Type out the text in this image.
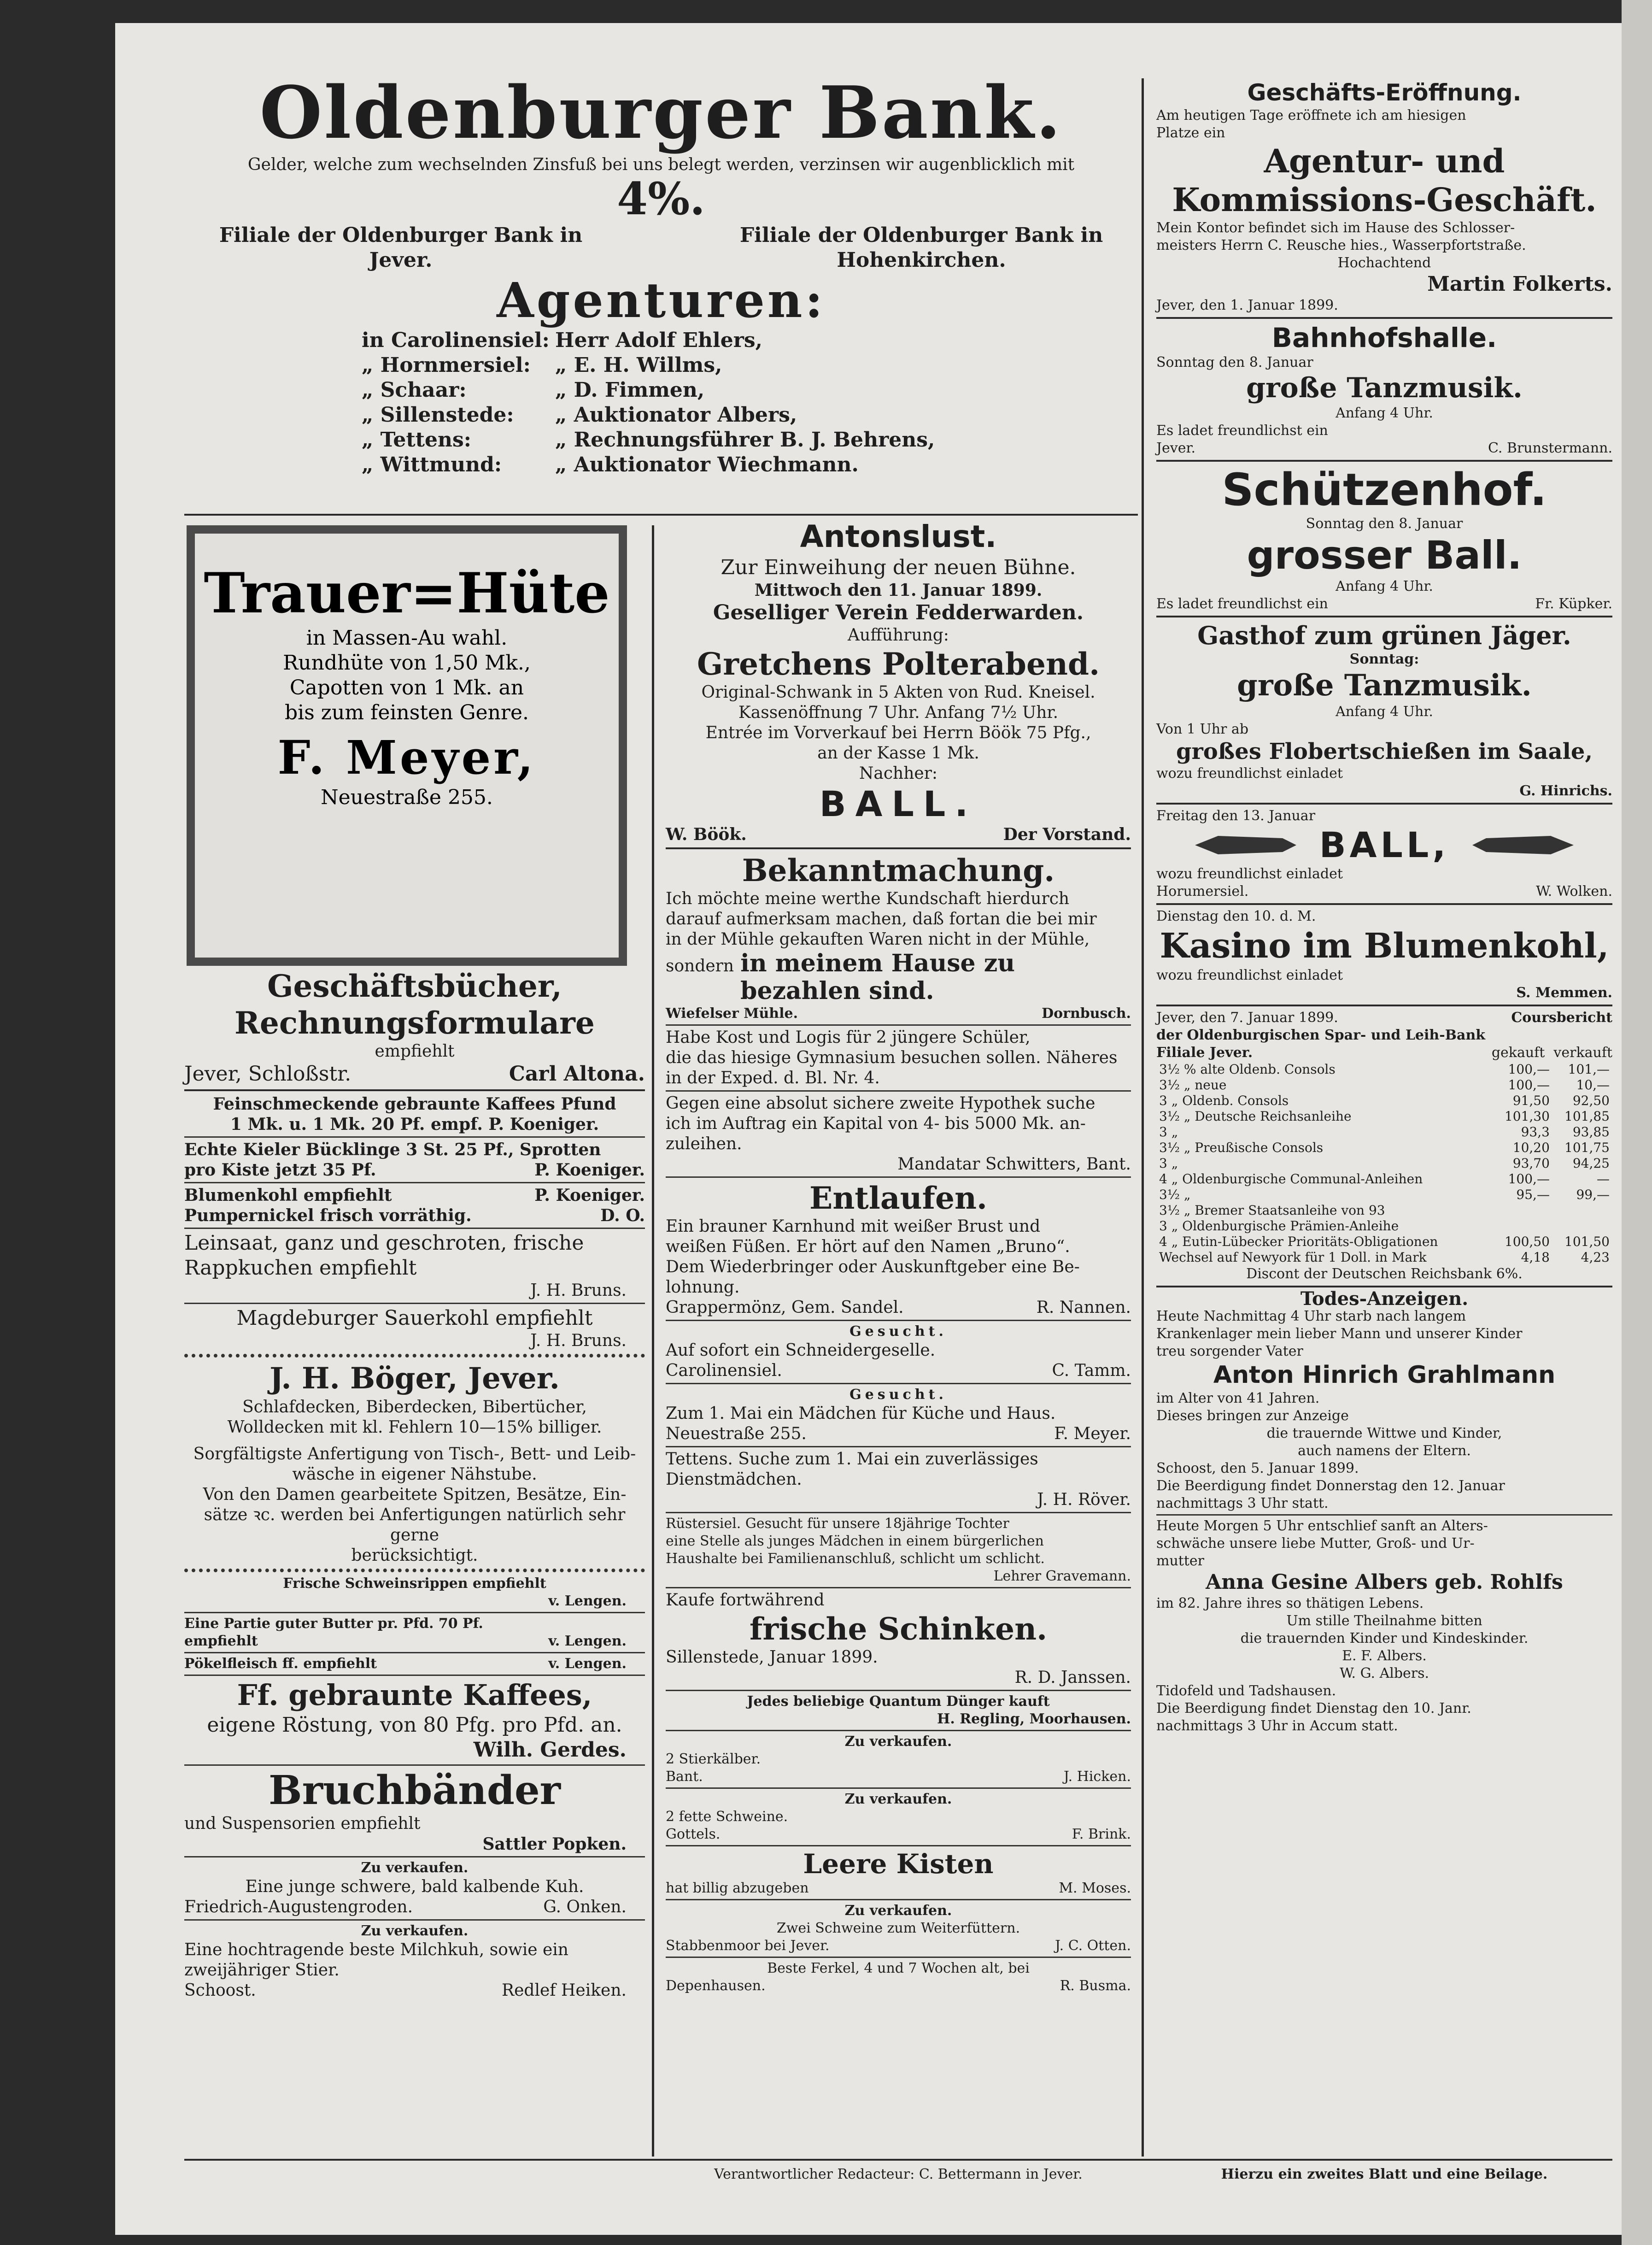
Oldenburger Bank.
Gelder, welche zum wechselnden Zinsfuß bei uns belegt werden, verzinsen wir augenblicklich mit
4%.
Filiale der Oldenburger Bank in Jever.
Filiale der Oldenburger Bank in Hohenkirchen.
Agenturen:
in Carolinensiel: Herr Adolf Ehlers,
„ Hornmersiel:	„ E. H. Willms,
„ Schaar:	„ D. Fimmen,
„ Sillenstede:	„ Auktionator Albers,
„ Tettens:	„ Rechnungsführer B. J. Behrens,
„ Wittmund:	„ Auktionator Wiechmann.
Trauer=Hüte
in Massen-Au wahl.
Rundhüte von 1,50 Mk.,
Capotten von 1 Mk. an
bis zum feinsten Genre.
F. Meyer,
Neuestraße 255.
Geschäftsbücher,
Rechnungsformulare
empfiehlt
Jever, Schloßstr.	Carl Altona.
Feinschmeckende gebraunte Kaffees Pfund
1 Mk. u. 1 Mk. 20 Pf. empf. P. Koeniger.
Echte Kieler Bücklinge 3 St. 25 Pf., Sprotten
pro Kiste jetzt 35 Pf.	P. Koeniger.
Blumenkohl empfiehlt	P. Koeniger.
Pumpernickel frisch vorräthig.	D. O.
Leinsaat, ganz und geschroten, frische
Rappkuchen empfiehlt
J. H. Bruns.
Magdeburger Sauerkohl empfiehlt
J. H. Bruns.
J. H. Böger, Jever.
Schlafdecken, Biberdecken, Bibertücher,
Wolldecken mit kl. Fehlern 10—15% billiger.
Sorgfältigste Anfertigung von Tisch-, Bett- und Leib-
wäsche in eigener Nähstube.
Von den Damen gearbeitete Spitzen, Besätze, Ein-
sätze ꝛc. werden bei Anfertigungen natürlich sehr gerne
berücksichtigt.
Frische Schweinsrippen empfiehlt
v. Lengen.
Eine Partie guter Butter pr. Pfd. 70 Pf.
empfiehlt	v. Lengen.
Pökelfleisch ff. empfiehlt	v. Lengen.
Ff. gebraunte Kaffees,
eigene Röstung, von 80 Pfg. pro Pfd. an.
Wilh. Gerdes.
Bruchbänder
und Suspensorien empfiehlt
Sattler Popken.
Zu verkaufen.
Eine junge schwere, bald kalbende Kuh.
Friedrich-Augustengroden.	G. Onken.
Zu verkaufen.
Eine hochtragende beste Milchkuh, sowie ein
zweijähriger Stier.
Schoost.	Redlef Heiken.
Antonslust.
Zur Einweihung der neuen Bühne.
Mittwoch den 11. Januar 1899.
Geselliger Verein Fedderwarden.
Aufführung:
Gretchens Polterabend.
Original-Schwank in 5 Akten von Rud. Kneisel.
Kassenöffnung 7 Uhr. Anfang 7½ Uhr.
Entrée im Vorverkauf bei Herrn Böök 75 Pfg.,
an der Kasse 1 Mk.
Nachher:
BALL.
W. Böök.	Der Vorstand.
Bekanntmachung.
Ich möchte meine werthe Kundschaft hierdurch
darauf aufmerksam machen, daß fortan die bei mir
in der Mühle gekauften Waren nicht in der Mühle,
sondern in meinem Hause zu bezahlen sind.
Wiefelser Mühle.	Dornbusch.
Habe Kost und Logis für 2 jüngere Schüler,
die das hiesige Gymnasium besuchen sollen. Näheres
in der Exped. d. Bl. Nr. 4.
Gegen eine absolut sichere zweite Hypothek suche
ich im Auftrag ein Kapital von 4- bis 5000 Mk. an-
zuleihen.
Mandatar Schwitters, Bant.
Entlaufen.
Ein brauner Karnhund mit weißer Brust und
weißen Füßen. Er hört auf den Namen „Bruno“.
Dem Wiederbringer oder Auskunftgeber eine Be-
lohnung.
Grappermönz, Gem. Sandel.	R. Nannen.
Gesucht.
Auf sofort ein Schneidergeselle.
Carolinensiel.	C. Tamm.
Gesucht.
Zum 1. Mai ein Mädchen für Küche und Haus.
Neuestraße 255.	F. Meyer.
Tettens. Suche zum 1. Mai ein zuverlässiges
Dienstmädchen.
J. H. Röver.
Rüstersiel. Gesucht für unsere 18jährige Tochter
eine Stelle als junges Mädchen in einem bürgerlichen
Haushalte bei Familienanschluß, schlicht um schlicht.
Lehrer Gravemann.
Kaufe fortwährend
frische Schinken.
Sillenstede, Januar 1899.
R. D. Janssen.
Jedes beliebige Quantum Dünger kauft
H. Regling, Moorhausen.
Zu verkaufen.
2 Stierkälber.
Bant.	J. Hicken.
Zu verkaufen.
2 fette Schweine.
Gottels.	F. Brink.
Leere Kisten
hat billig abzugeben	M. Moses.
Zu verkaufen.
Zwei Schweine zum Weiterfüttern.
Stabbenmoor bei Jever.	J. C. Otten.
Beste Ferkel, 4 und 7 Wochen alt, bei
Depenhausen.	R. Busma.
Geschäfts-Eröffnung.
Am heutigen Tage eröffnete ich am hiesigen
Platze ein
Agentur- und
Kommissions-Geschäft.
Mein Kontor befindet sich im Hause des Schlosser-
meisters Herrn C. Reusche hies., Wasserpfortstraße.
Hochachtend
Martin Folkerts.
Jever, den 1. Januar 1899.
Bahnhofshalle.
Sonntag den 8. Januar
große Tanzmusik.
Anfang 4 Uhr.
Es ladet freundlichst ein
Jever.	C. Brunstermann.
Schützenhof.
Sonntag den 8. Januar
grosser Ball.
Anfang 4 Uhr.
Es ladet freundlichst ein	Fr. Küpker.
Gasthof zum grünen Jäger.
Sonntag:
große Tanzmusik.
Anfang 4 Uhr.
Von 1 Uhr ab
großes Flobertschießen im Saale,
wozu freundlichst einladet
G. Hinrichs.
Freitag den 13. Januar
BALL,
wozu freundlichst einladet
Horumersiel.	W. Wolken.
Dienstag den 10. d. M.
Kasino im Blumenkohl,
wozu freundlichst einladet
S. Memmen.
Jever, den 7. Januar 1899.	Coursbericht
der Oldenburgischen Spar- und Leih-Bank
Filiale Jever.	gekauft verkauft
3½ % alte Oldenb. Consols	100,—	101,—
3½ „ neue	100,—	10,—
3 „ Oldenb. Consols	91,50	92,50
3½ „ Deutsche Reichsanleihe	101,30	101,85
3 „	93,3	93,85
3½ „ Preußische Consols	10,20	101,75
3 „	93,70	94,25
4 „ Oldenburgische Communal-Anleihen	100,—	—
3½ „	95,—	99,—
3½ „ Bremer Staatsanleihe von 93		
3 „ Oldenburgische Prämien-Anleihe		
4 „ Eutin-Lübecker Prioritäts-Obligationen	100,50	101,50
Wechsel auf Newyork für 1 Doll. in Mark	4,18	4,23
Discont der Deutschen Reichsbank 6%.
Todes-Anzeigen.
Heute Nachmittag 4 Uhr starb nach langem
Krankenlager mein lieber Mann und unserer Kinder
treu sorgender Vater
Anton Hinrich Grahlmann
im Alter von 41 Jahren.
Dieses bringen zur Anzeige
die trauernde Wittwe und Kinder,
auch namens der Eltern.
Schoost, den 5. Januar 1899.
Die Beerdigung findet Donnerstag den 12. Januar
nachmittags 3 Uhr statt.
Heute Morgen 5 Uhr entschlief sanft an Alters-
schwäche unsere liebe Mutter, Groß- und Ur-
mutter
Anna Gesine Albers geb. Rohlfs
im 82. Jahre ihres so thätigen Lebens.
Um stille Theilnahme bitten
die trauernden Kinder und Kindeskinder.
E. F. Albers.
W. G. Albers.
Tidofeld und Tadshausen.
Die Beerdigung findet Dienstag den 10. Janr.
nachmittags 3 Uhr in Accum statt.
Verantwortlicher Redacteur: C. Bettermann in Jever.	Hierzu ein zweites Blatt und eine Beilage.
